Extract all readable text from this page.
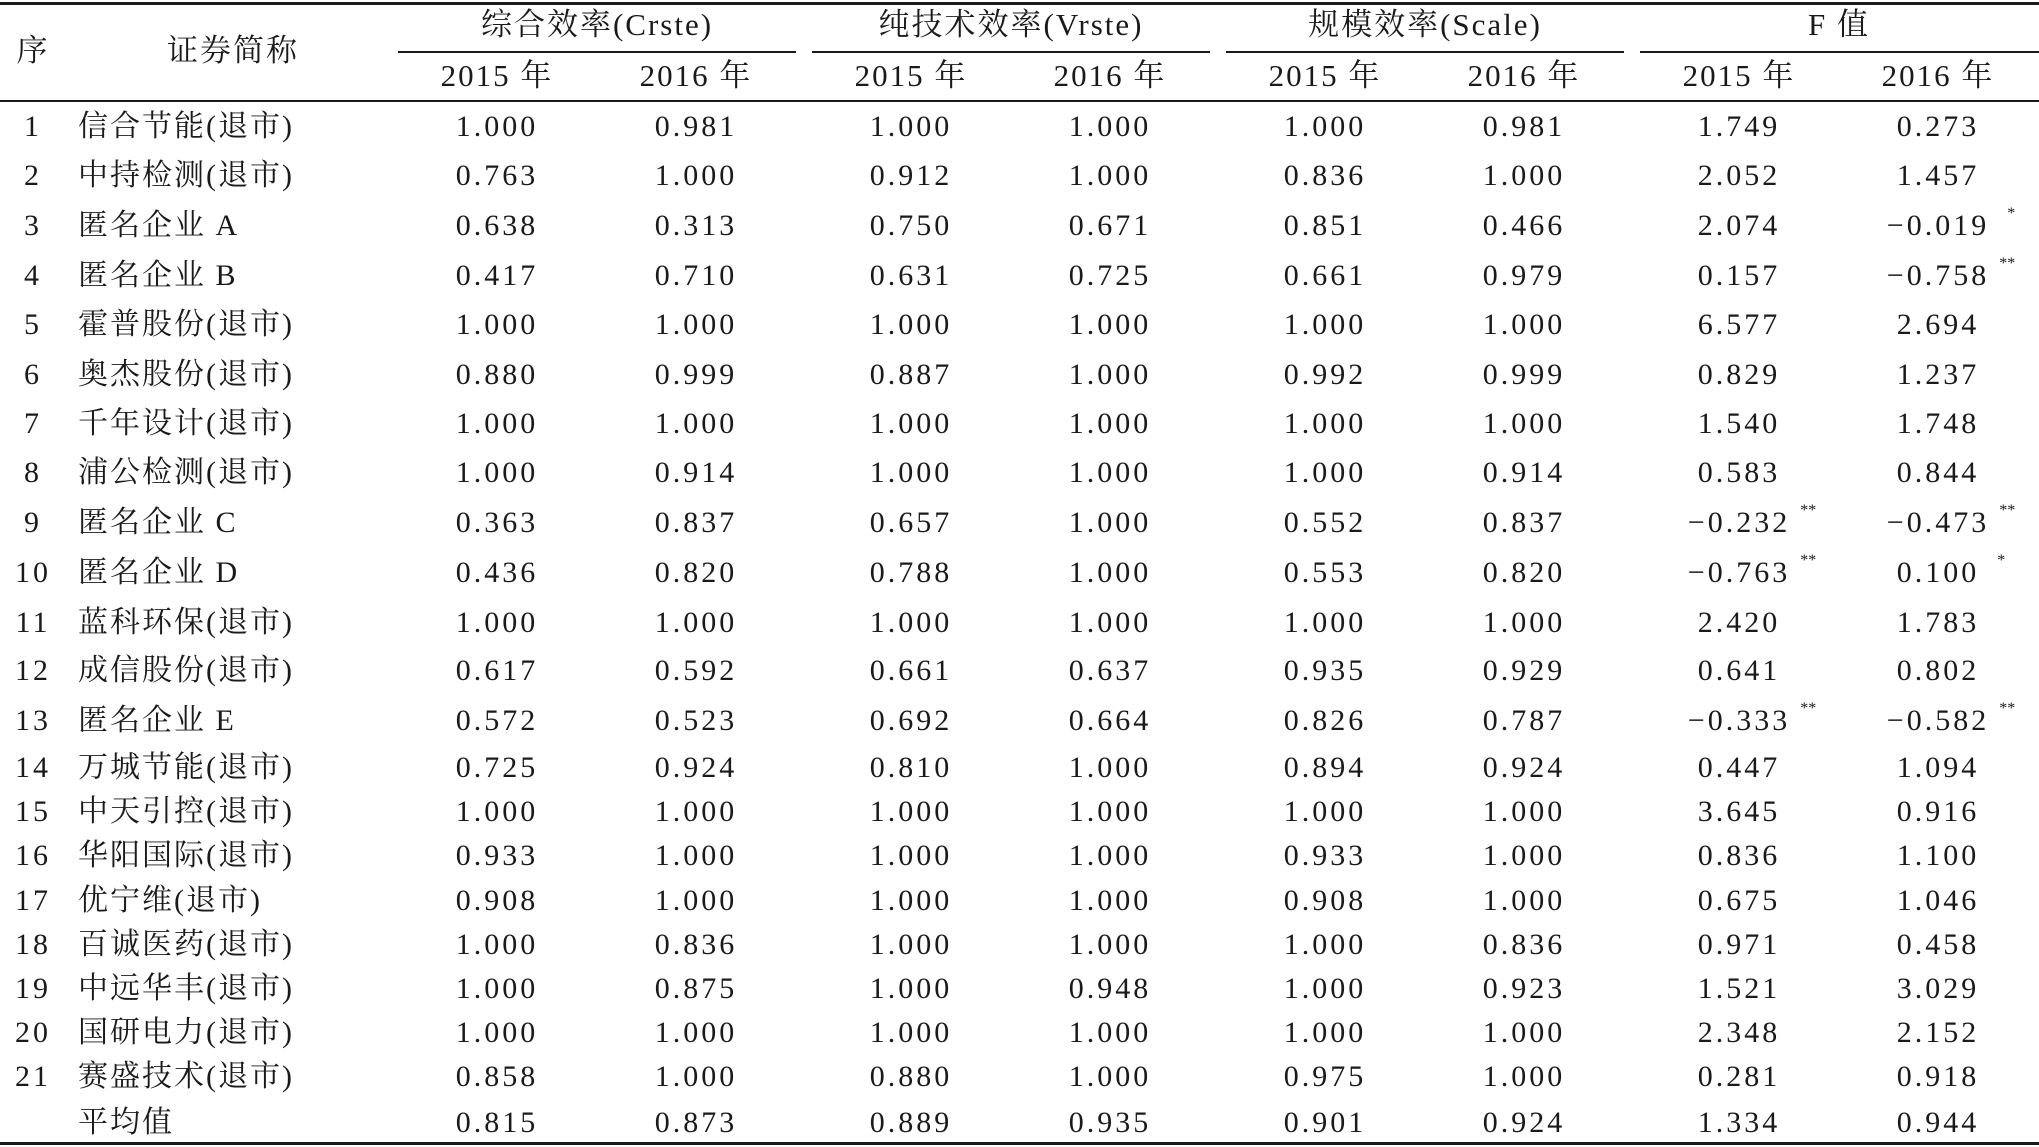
序	证券简称
综合效率(Crste)	纯技术效率(Vrste)	规模效率(Scale)	F 值
2015 年	2016 年	2015 年	2016 年	2015 年	2016 年	2015 年	2016 年
1 信合节能(退市)	1.000	0.981	1.000	1.000	1.000	0.981	1.749	0.273
2 中持检测(退市)	0.763	1.000	0.912	1.000	0.836	1.000	2.052	1.457
3 匿名企业 A	0.638	0.313	0.750	0.671	0.851	0.466	2.074	−0.019 *
4 匿名企业 B	0.417	0.710	0.631	0.725	0.661	0.979	0.157	−0.758 **
5 霍普股份(退市)	1.000	1.000	1.000	1.000	1.000	1.000	6.577	2.694
6 奥杰股份(退市)	0.880	0.999	0.887	1.000	0.992	0.999	0.829	1.237
7 千年设计(退市)	1.000	1.000	1.000	1.000	1.000	1.000	1.540	1.748
8 浦公检测(退市)	1.000	0.914	1.000	1.000	1.000	0.914	0.583	0.844
9 匿名企业 C	0.363	0.837	0.657	1.000	0.552	0.837	−0.232 ** −0.473 **
10 匿名企业 D	0.436	0.820	0.788	1.000	0.553	0.820	−0.763 **	0.100 *
11 蓝科环保(退市)	1.000	1.000	1.000	1.000	1.000	1.000	2.420	1.783
12 成信股份(退市)	0.617	0.592	0.661	0.637	0.935	0.929	0.641	0.802
13 匿名企业 E	0.572	0.523	0.692	0.664	0.826	0.787	−0.333 ** −0.582 **
14 万城节能(退市)	0.725	0.924	0.810	1.000	0.894	0.924	0.447	1.094
15 中天引控(退市)	1.000	1.000	1.000	1.000	1.000	1.000	3.645	0.916
16 华阳国际(退市)	0.933	1.000	1.000	1.000	0.933	1.000	0.836	1.100
17 优宁维(退市)	0.908	1.000	1.000	1.000	0.908	1.000	0.675	1.046
18 百诚医药(退市)	1.000	0.836	1.000	1.000	1.000	0.836	0.971	0.458
19 中远华丰(退市)	1.000	0.875	1.000	0.948	1.000	0.923	1.521	3.029
20 国研电力(退市)	1.000	1.000	1.000	1.000	1.000	1.000	2.348	2.152
21 赛盛技术(退市)	0.858	1.000	0.880	1.000	0.975	1.000	0.281	0.918
平均值	0.815	0.873	0.889	0.935	0.901	0.924	1.334	0.944
